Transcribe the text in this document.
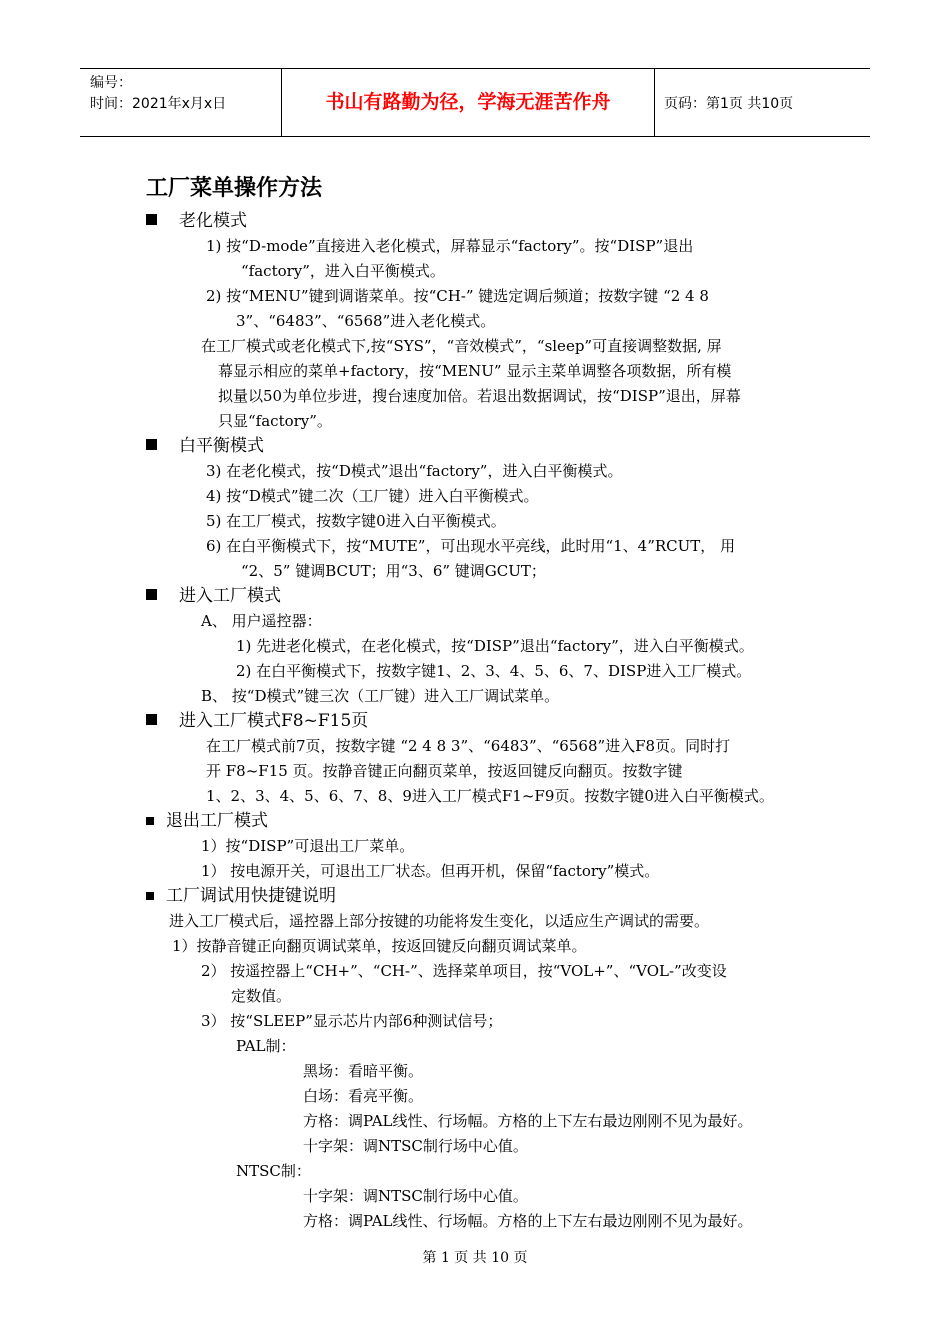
编号：
时间：2021年x月x日	书山有路勤为径，学海无涯苦作舟	页码：第1页 共10页
工厂菜单操作方法
老化模式
1) 按“D-mode”直接进入老化模式，屏幕显示“factory”。按“DISP”退出
“factory”，进入白平衡模式。
2) 按“MENU”键到调谐菜单。按“CH-” 键选定调后频道；按数字键 “2 4 8
3”、“6483”、“6568”进入老化模式。
在工厂模式或老化模式下,按“SYS”，“音效模式”，“sleep”可直接调整数据, 屏
幕显示相应的菜单+factory，按“MENU” 显示主菜单调整各项数据，所有模
拟量以50为单位步进，搜台速度加倍。若退出数据调试，按“DISP”退出，屏幕
只显“factory”。
白平衡模式
3) 在老化模式，按“D模式”退出“factory”，进入白平衡模式。
4) 按“D模式”键二次（工厂键）进入白平衡模式。
5) 在工厂模式，按数字键0进入白平衡模式。
6) 在白平衡模式下，按“MUTE”，可出现水平亮线，此时用“1、4”RCUT， 用
“2、5” 键调BCUT；用“3、6” 键调GCUT；
进入工厂模式
A、 用户遥控器：
1) 先进老化模式，在老化模式，按“DISP”退出“factory”，进入白平衡模式。
2) 在白平衡模式下，按数字键1、2、3、4、5、6、7、DISP进入工厂模式。
B、 按“D模式”键三次（工厂键）进入工厂调试菜单。
进入工厂模式F8~F15页
在工厂模式前7页，按数字键 “2 4 8 3”、“6483”、“6568”进入F8页。同时打
开 F8~F15 页。按静音键正向翻页菜单，按返回键反向翻页。按数字键
1、2、3、4、5、6、7、8、9进入工厂模式F1~F9页。按数字键0进入白平衡模式。
退出工厂模式
1）按“DISP”可退出工厂菜单。
1） 按电源开关，可退出工厂状态。但再开机，保留“factory”模式。
工厂调试用快捷键说明
进入工厂模式后，遥控器上部分按键的功能将发生变化，以适应生产调试的需要。
1）按静音键正向翻页调试菜单，按返回键反向翻页调试菜单。
2） 按遥控器上“CH+”、“CH-”、选择菜单项目，按“VOL+”、“VOL-”改变设
定数值。
3） 按“SLEEP”显示芯片内部6种测试信号；
PAL制：
黑场：看暗平衡。
白场：看亮平衡。
方格：调PAL线性、行场幅。方格的上下左右最边刚刚不见为最好。
十字架：调NTSC制行场中心值。
NTSC制：
十字架：调NTSC制行场中心值。
方格：调PAL线性、行场幅。方格的上下左右最边刚刚不见为最好。
第 1 页 共 10 页
